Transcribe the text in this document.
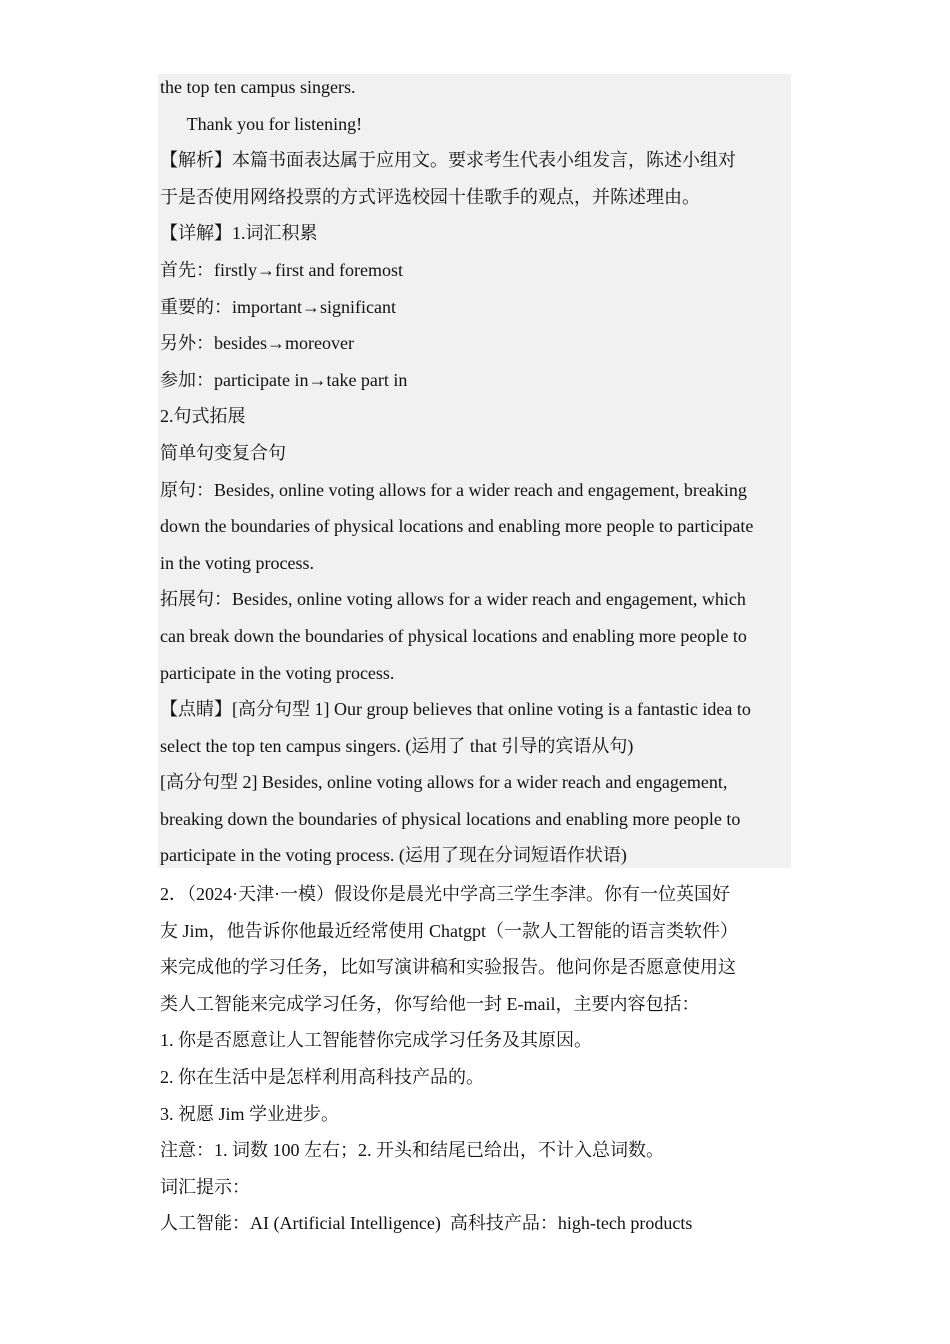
the top ten campus singers.
Thank you for listening!
【解析】本篇书面表达属于应用文。要求考生代表小组发言，陈述小组对
于是否使用网络投票的方式评选校园十佳歌手的观点，并陈述理由。
【详解】1.词汇积累
首先：firstly→first and foremost
重要的：important→significant
另外：besides→moreover
参加：participate in→take part in
2.句式拓展
简单句变复合句
原句：Besides, online voting allows for a wider reach and engagement, breaking
down the boundaries of physical locations and enabling more people to participate
in the voting process.
拓展句：Besides, online voting allows for a wider reach and engagement, which
can break down the boundaries of physical locations and enabling more people to
participate in the voting process.
【点睛】[高分句型 1] Our group believes that online voting is a fantastic idea to
select the top ten campus singers. (运用了 that 引导的宾语从句)
[高分句型 2] Besides, online voting allows for a wider reach and engagement,
breaking down the boundaries of physical locations and enabling more people to
participate in the voting process. (运用了现在分词短语作状语)
2．（2024·天津·一模）假设你是晨光中学高三学生李津。你有一位英国好
友 Jim，他告诉你他最近经常使用 Chatgpt（一款人工智能的语言类软件）
来完成他的学习任务，比如写演讲稿和实验报告。他问你是否愿意使用这
类人工智能来完成学习任务，你写给他一封 E-mail，主要内容包括：
1. 你是否愿意让人工智能替你完成学习任务及其原因。
2. 你在生活中是怎样利用高科技产品的。
3. 祝愿 Jim 学业进步。
注意：1. 词数 100 左右；2. 开头和结尾已给出，不计入总词数。
词汇提示：
人工智能：AI (Artificial Intelligence)  高科技产品：high-tech products
